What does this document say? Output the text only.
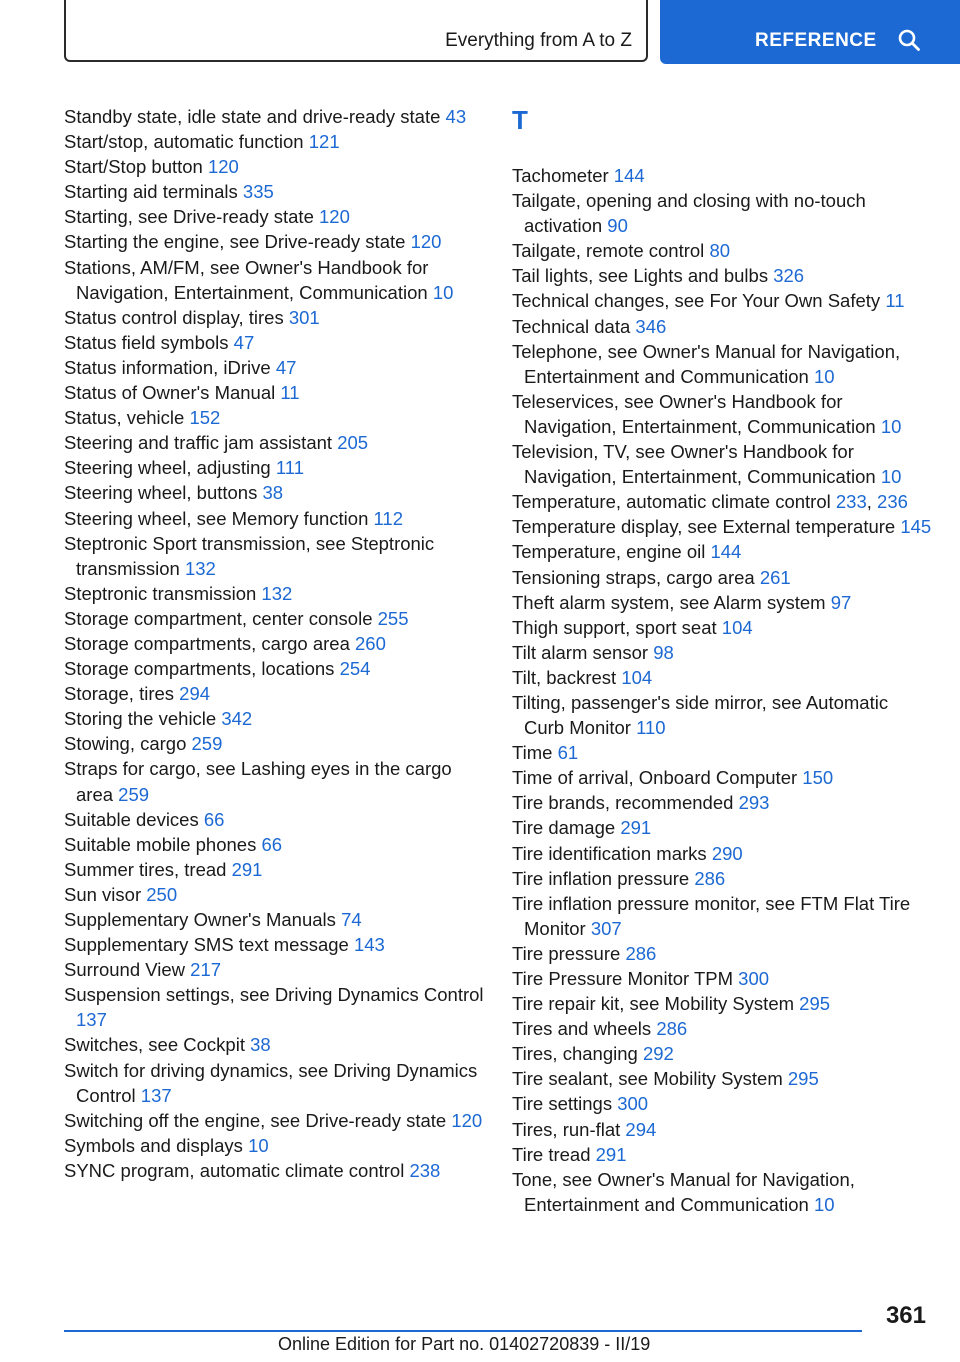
Everything from A to Z	REFERENCE
Standby state, idle state and drive-ready state 43
Start/stop, automatic function 121
Start/Stop button 120
Starting aid terminals 335
Starting, see Drive-ready state 120
Starting the engine, see Drive-ready state 120
Stations, AM/FM, see Owner's Handbook for Navigation, Entertainment, Communication 10
Status control display, tires 301
Status field symbols 47
Status information, iDrive 47
Status of Owner's Manual 11
Status, vehicle 152
Steering and traffic jam assistant 205
Steering wheel, adjusting 111
Steering wheel, buttons 38
Steering wheel, see Memory function 112
Steptronic Sport transmission, see Steptronic transmission 132
Steptronic transmission 132
Storage compartment, center console 255
Storage compartments, cargo area 260
Storage compartments, locations 254
Storage, tires 294
Storing the vehicle 342
Stowing, cargo 259
Straps for cargo, see Lashing eyes in the cargo area 259
Suitable devices 66
Suitable mobile phones 66
Summer tires, tread 291
Sun visor 250
Supplementary Owner's Manuals 74
Supplementary SMS text message 143
Surround View 217
Suspension settings, see Driving Dynamics Control 137
Switches, see Cockpit 38
Switch for driving dynamics, see Driving Dynamics Control 137
Switching off the engine, see Drive-ready state 120
Symbols and displays 10
SYNC program, automatic climate control 238
T
Tachometer 144
Tailgate, opening and closing with no-touch activation 90
Tailgate, remote control 80
Tail lights, see Lights and bulbs 326
Technical changes, see For Your Own Safety 11
Technical data 346
Telephone, see Owner's Manual for Navigation, Entertainment and Communication 10
Teleservices, see Owner's Handbook for Navigation, Entertainment, Communication 10
Television, TV, see Owner's Handbook for Navigation, Entertainment, Communication 10
Temperature, automatic climate control 233, 236
Temperature display, see External temperature 145
Temperature, engine oil 144
Tensioning straps, cargo area 261
Theft alarm system, see Alarm system 97
Thigh support, sport seat 104
Tilt alarm sensor 98
Tilt, backrest 104
Tilting, passenger's side mirror, see Automatic Curb Monitor 110
Time 61
Time of arrival, Onboard Computer 150
Tire brands, recommended 293
Tire damage 291
Tire identification marks 290
Tire inflation pressure 286
Tire inflation pressure monitor, see FTM Flat Tire Monitor 307
Tire pressure 286
Tire Pressure Monitor TPM 300
Tire repair kit, see Mobility System 295
Tires and wheels 286
Tires, changing 292
Tire sealant, see Mobility System 295
Tire settings 300
Tires, run-flat 294
Tire tread 291
Tone, see Owner's Manual for Navigation, Entertainment and Communication 10
361
Online Edition for Part no. 01402720839 - II/19
